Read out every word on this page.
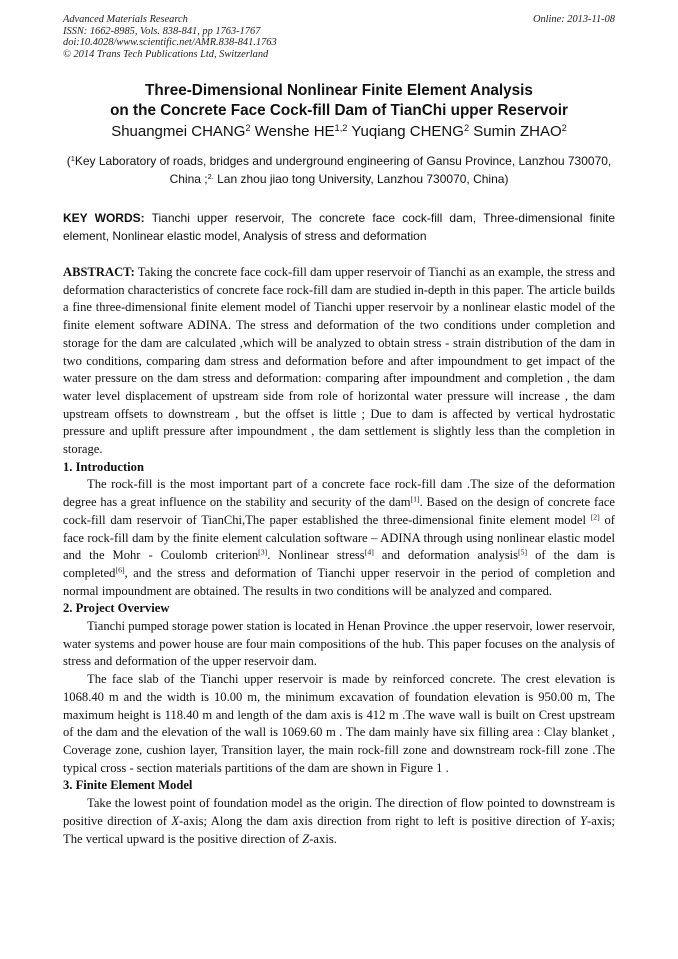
Advanced Materials Research
ISSN: 1662-8985, Vols. 838-841, pp 1763-1767
doi:10.4028/www.scientific.net/AMR.838-841.1763
© 2014 Trans Tech Publications Ltd, Switzerland
Online: 2013-11-08
Three-Dimensional Nonlinear Finite Element Analysis
on the Concrete Face Cock-fill Dam of TianChi upper Reservoir
Shuangmei CHANG$^2$ Wenshe HE$^{1,2}$ Yuqiang CHENG$^2$ Sumin ZHAO$^2$
($^1$Key Laboratory of roads, bridges and underground engineering of Gansu Province, Lanzhou 730070, China ;$^{2.}$ Lan zhou jiao tong University, Lanzhou 730070, China)
KEY WORDS: Tianchi upper reservoir, The concrete face cock-fill dam, Three-dimensional finite element, Nonlinear elastic model, Analysis of stress and deformation

ABSTRACT: Taking the concrete face cock-fill dam upper reservoir of Tianchi as an example, the stress and deformation characteristics of concrete face rock-fill dam are studied in-depth in this paper. The article builds a fine three-dimensional finite element model of Tianchi upper reservoir by a nonlinear elastic model of the finite element software ADINA. The stress and deformation of the two conditions under completion and storage for the dam are calculated ,which will be analyzed to obtain stress - strain distribution of the dam in two conditions, comparing dam stress and deformation before and after impoundment to get impact of the water pressure on the dam stress and deformation: comparing after impoundment and completion , the dam water level displacement of upstream side from role of horizontal water pressure will increase , the dam upstream offsets to downstream , but the offset is little ; Due to dam is affected by vertical hydrostatic pressure and uplift pressure after impoundment , the dam settlement is slightly less than the completion in storage.

1. Introduction

The rock-fill is the most important part of a concrete face rock-fill dam .The size of the deformation degree has a great influence on the stability and security of the dam[1]. Based on the design of concrete face cock-fill dam reservoir of TianChi,The paper established the three-dimensional finite element model [2] of face rock-fill dam by the finite element calculation software – ADINA through using nonlinear elastic model and the Mohr - Coulomb criterion[3]. Nonlinear stress[4] and deformation analysis[5] of the dam is completed[6], and the stress and deformation of Tianchi upper reservoir in the period of completion and normal impoundment are obtained. The results in two conditions will be analyzed and compared.

2. Project Overview

Tianchi pumped storage power station is located in Henan Province .the upper reservoir, lower reservoir, water systems and power house are four main compositions of the hub. This paper focuses on the analysis of stress and deformation of the upper reservoir dam.

The face slab of the Tianchi upper reservoir is made by reinforced concrete. The crest elevation is 1068.40 m and the width is 10.00 m, the minimum excavation of foundation elevation is 950.00 m, The maximum height is 118.40 m and length of the dam axis is 412 m .The wave wall is built on Crest upstream of the dam and the elevation of the wall is 1069.60 m . The dam mainly have six filling area : Clay blanket , Coverage zone, cushion layer, Transition layer, the main rock-fill zone and downstream rock-fill zone .The typical cross - section materials partitions of the dam are shown in Figure 1 .

3. Finite Element Model

Take the lowest point of foundation model as the origin. The direction of flow pointed to downstream is positive direction of X-axis; Along the dam axis direction from right to left is positive direction of Y-axis; The vertical upward is the positive direction of Z-axis.
